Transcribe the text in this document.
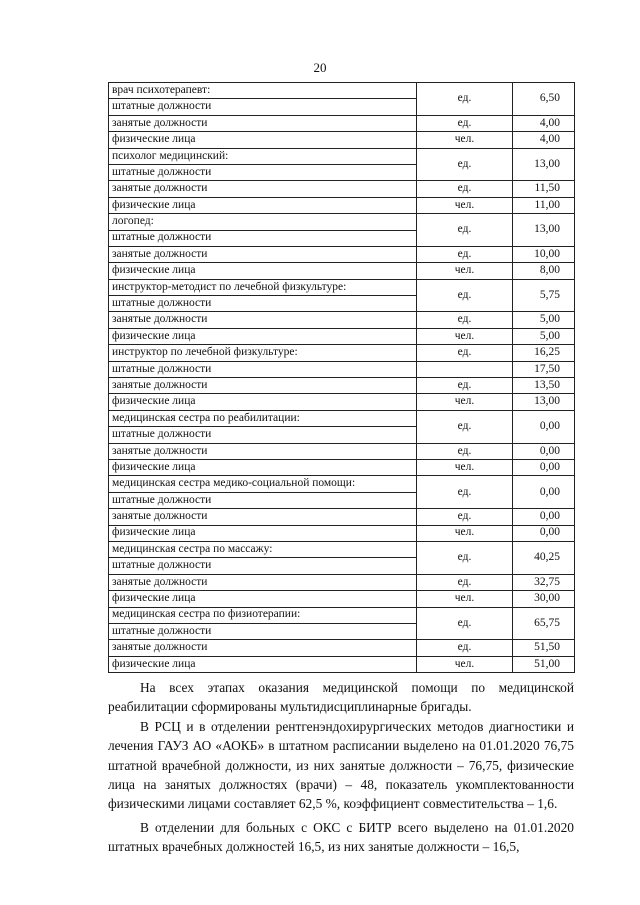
20
врач психотерапевт:	ед.	6,50
штатные должности		
занятые должности	ед.	4,00
физические лица	чел.	4,00
психолог медицинский:	ед.	13,00
штатные должности		
занятые должности	ед.	11,50
физические лица	чел.	11,00
логопед:	ед.	13,00
штатные должности		
занятые должности	ед.	10,00
физические лица	чел.	8,00
инструктор-методист по лечебной физкультуре:	ед.	5,75
штатные должности		
занятые должности	ед.	5,00
физические лица	чел.	5,00
инструктор по лечебной физкультуре:	ед.	16,25
штатные должности		17,50
занятые должности	ед.	13,50
физические лица	чел.	13,00
медицинская сестра по реабилитации:	ед.	0,00
штатные должности		
занятые должности	ед.	0,00
физические лица	чел.	0,00
медицинская сестра медико-социальной помощи:	ед.	0,00
штатные должности		
занятые должности	ед.	0,00
физические лица	чел.	0,00
медицинская сестра по массажу:	ед.	40,25
штатные должности		
занятые должности	ед.	32,75
физические лица	чел.	30,00
медицинская сестра по физиотерапии:	ед.	65,75
штатные должности		
занятые должности	ед.	51,50
физические лица	чел.	51,00

На всех этапах оказания медицинской помощи по медицинской реабилитации сформированы мультидисциплинарные бригады.

В РСЦ и в отделении рентгенэндохирургических методов диагностики и лечения ГАУЗ АО «АОКБ» в штатном расписании выделено на 01.01.2020 76,75 штатной врачебной должности, из них занятые должности – 76,75, физические лица на занятых должностях (врачи) – 48, показатель укомплектованности физическими лицами составляет 62,5 %, коэффициент совместительства – 1,6.

В отделении для больных с ОКС с БИТР всего выделено на 01.01.2020 штатных врачебных должностей 16,5, из них занятые должности – 16,5,
